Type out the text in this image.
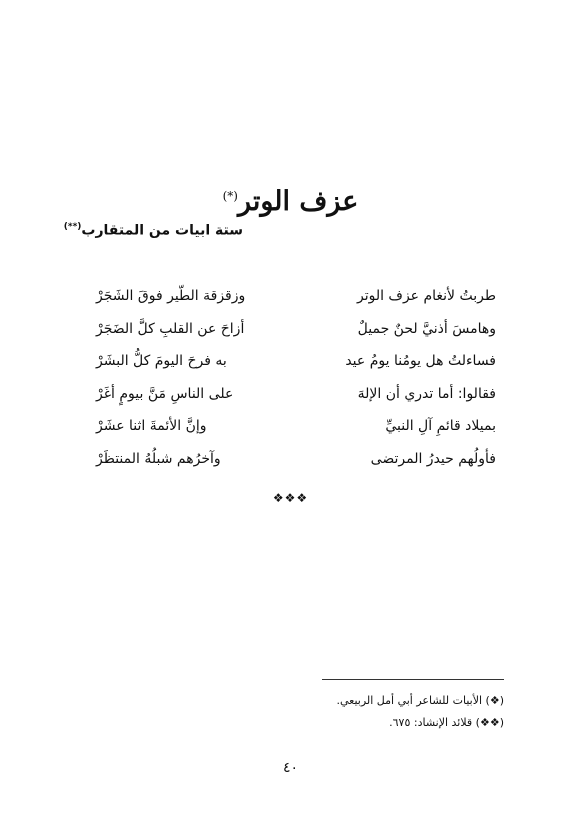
عزف الوتر(*)
ستة ابيات من المتقارب(**)
طربتُ لأنغام عزف الوتر
وزقزقة الطّير فوقَ الشَجَرْ
وهامسَ أذنيَّ لحنٌ جميلٌ
أزاحَ عن القلبِ كلَّ الضَجَرْ
فساءلتُ هل يومُنا يومُ عيد
به فرحَ اليومَ كلُّ البشَرْ
فقالوا: أما تدري أن الإلهَ
على الناسِ مَنَّ بيومٍ أغَرْ
بميلاد قائمِ آلِ النبيِّ
وإنَّ الأئمةَ اثنا عشَرْ
فأولُهم حيدرُ المرتضى
وآخرُهم شبلُهُ المنتظَرْ
❖❖❖
(❖) الأبيات للشاعر أبي أمل الربيعي.
(❖❖) قلائد الإنشاد: ٦٧٥.
٤٠
